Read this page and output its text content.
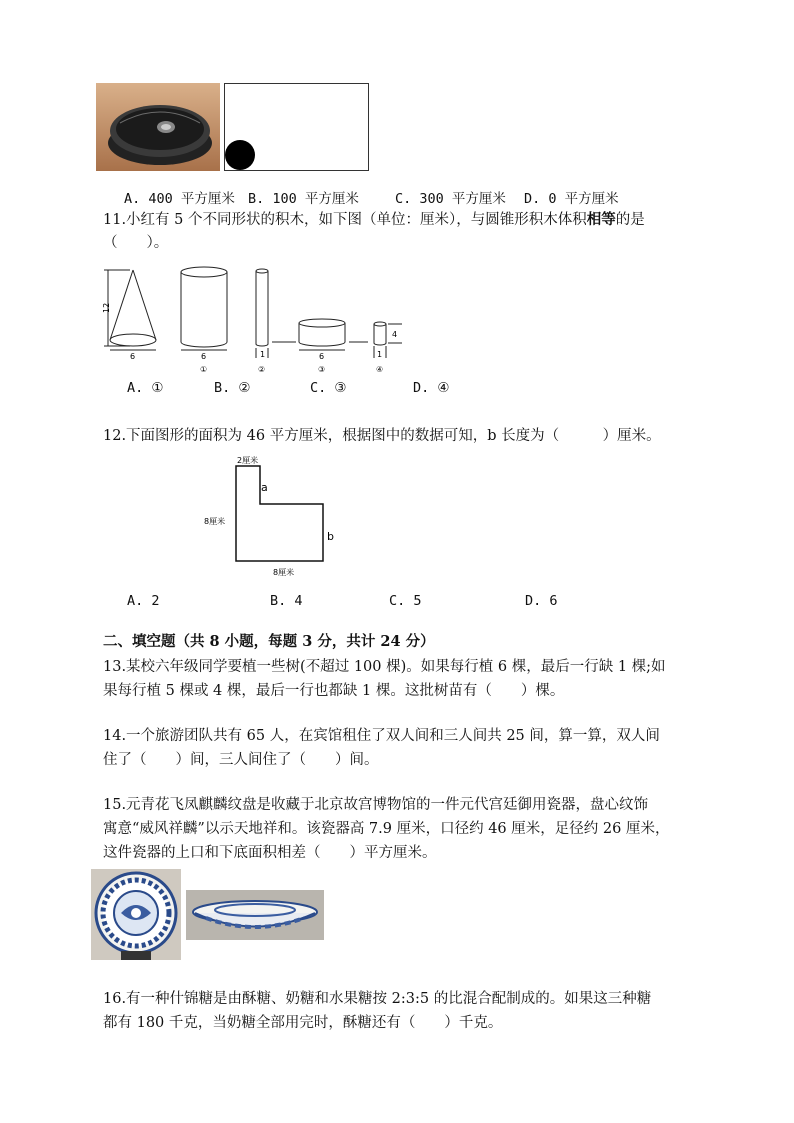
A. 400 平方厘米 B. 100 平方厘米	C. 300 平方厘米 D. 0 平方厘米
11.小红有 5 个不同形状的积木，如下图（单位：厘米），与圆锥形积木体积相等的是
（　　）。
12
6	6	1	6	1
4
①	②	③	④
A. ①	B. ②	C. ③	D. ④
12.下面图形的面积为 46 平方厘米，根据图中的数据可知，b 长度为（　　　）厘米。
2厘米
a
8厘米
b
8厘米
A. 2	B. 4	C. 5	D. 6
二、填空题（共 8 小题，每题 3 分，共计 24 分）
13.某校六年级同学要植一些树(不超过 100 棵)。如果每行植 6 棵，最后一行缺 1 棵;如
果每行植 5 棵或 4 棵，最后一行也都缺 1 棵。这批树苗有（　　）棵。
14.一个旅游团队共有 65 人，在宾馆租住了双人间和三人间共 25 间，算一算，双人间
住了（　　）间，三人间住了（　　）间。
15.元青花飞凤麒麟纹盘是收藏于北京故宫博物馆的一件元代宫廷御用瓷器，盘心纹饰
寓意“威风祥麟”以示天地祥和。该瓷器高 7.9 厘米，口径约 46 厘米，足径约 26 厘米，
这件瓷器的上口和下底面积相差（　　）平方厘米。
16.有一种什锦糖是由酥糖、奶糖和水果糖按 2:3:5 的比混合配制成的。如果这三种糖
都有 180 千克，当奶糖全部用完时，酥糖还有（　　）千克。
